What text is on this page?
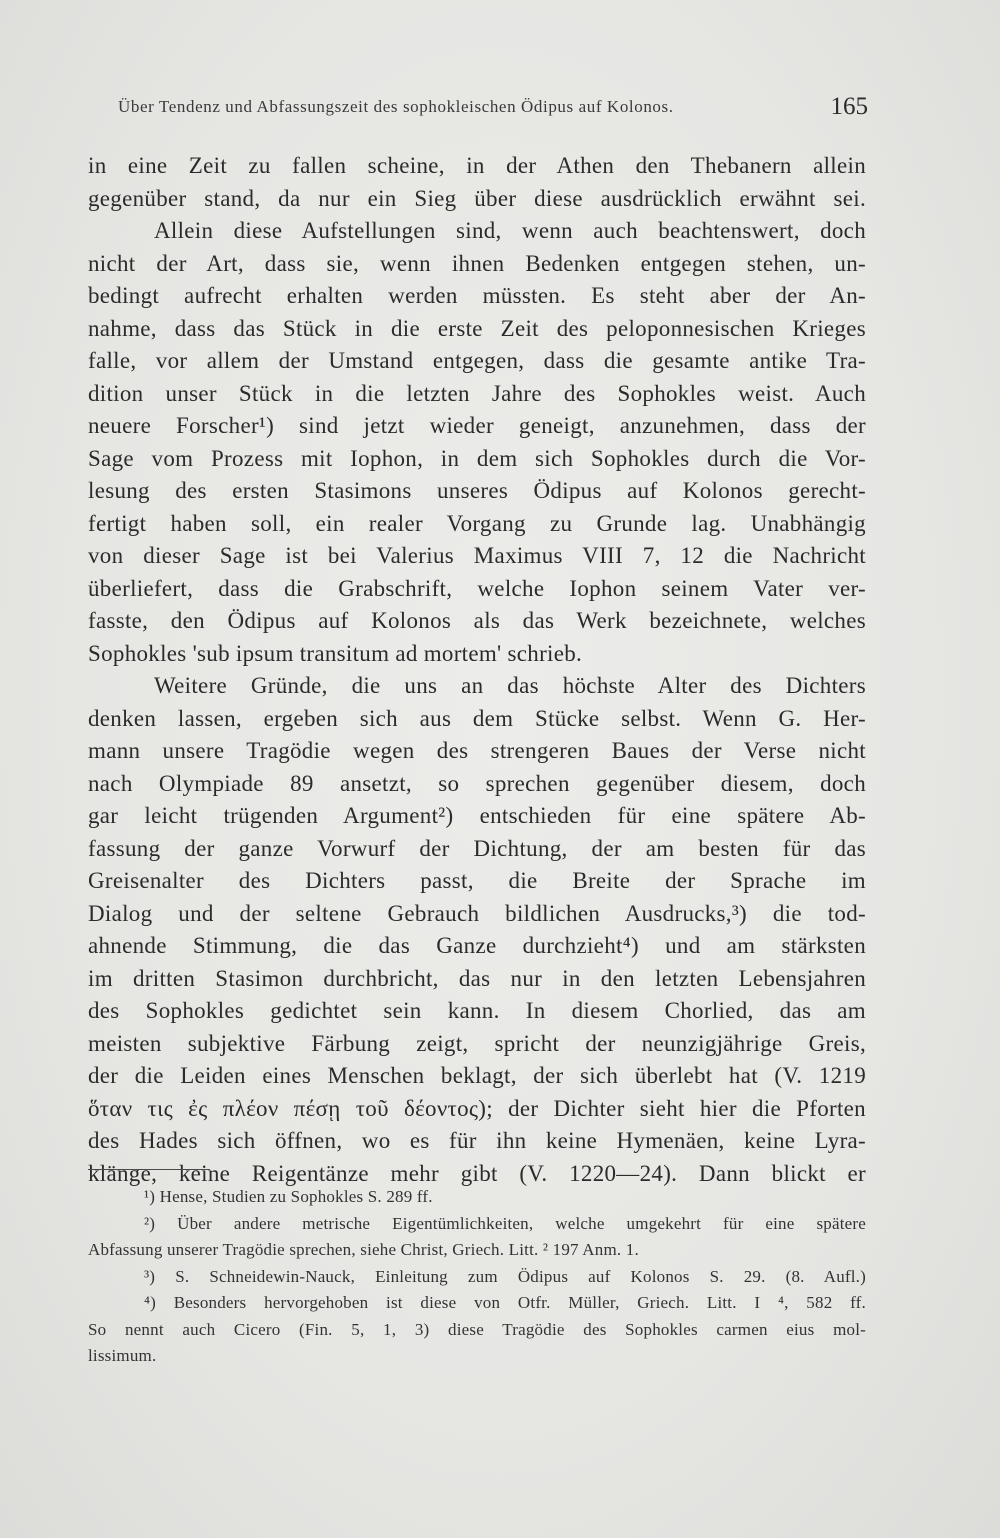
Über Tendenz und Abfassungszeit des sophokleischen Ödipus auf Kolonos.	165
in eine Zeit zu fallen scheine, in der Athen den Thebanern allein
gegenüber stand, da nur ein Sieg über diese ausdrücklich erwähnt sei.
Allein diese Aufstellungen sind, wenn auch beachtenswert, doch
nicht der Art, dass sie, wenn ihnen Bedenken entgegen stehen, un-
bedingt aufrecht erhalten werden müssten. Es steht aber der An-
nahme, dass das Stück in die erste Zeit des peloponnesischen Krieges
falle, vor allem der Umstand entgegen, dass die gesamte antike Tra-
dition unser Stück in die letzten Jahre des Sophokles weist. Auch
neuere Forscher¹) sind jetzt wieder geneigt, anzunehmen, dass der
Sage vom Prozess mit Iophon, in dem sich Sophokles durch die Vor-
lesung des ersten Stasimons unseres Ödipus auf Kolonos gerecht-
fertigt haben soll, ein realer Vorgang zu Grunde lag. Unabhängig
von dieser Sage ist bei Valerius Maximus VIII 7, 12 die Nachricht
überliefert, dass die Grabschrift, welche Iophon seinem Vater ver-
fasste, den Ödipus auf Kolonos als das Werk bezeichnete, welches
Sophokles 'sub ipsum transitum ad mortem' schrieb.
Weitere Gründe, die uns an das höchste Alter des Dichters
denken lassen, ergeben sich aus dem Stücke selbst. Wenn G. Her-
mann unsere Tragödie wegen des strengeren Baues der Verse nicht
nach Olympiade 89 ansetzt, so sprechen gegenüber diesem, doch
gar leicht trügenden Argument²) entschieden für eine spätere Ab-
fassung der ganze Vorwurf der Dichtung, der am besten für das
Greisenalter des Dichters passt, die Breite der Sprache im
Dialog und der seltene Gebrauch bildlichen Ausdrucks,³) die tod-
ahnende Stimmung, die das Ganze durchzieht⁴) und am stärksten
im dritten Stasimon durchbricht, das nur in den letzten Lebensjahren
des Sophokles gedichtet sein kann. In diesem Chorlied, das am
meisten subjektive Färbung zeigt, spricht der neunzigjährige Greis,
der die Leiden eines Menschen beklagt, der sich überlebt hat (V. 1219
ὅταν τις ἐς πλέον πέσῃ τοῦ δέοντος); der Dichter sieht hier die Pforten
des Hades sich öffnen, wo es für ihn keine Hymenäen, keine Lyra-
klänge, keine Reigentänze mehr gibt (V. 1220—24). Dann blickt er
¹) Hense, Studien zu Sophokles S. 289 ff.
²) Über andere metrische Eigentümlichkeiten, welche umgekehrt für eine spätere
Abfassung unserer Tragödie sprechen, siehe Christ, Griech. Litt. ² 197 Anm. 1.
³) S. Schneidewin-Nauck, Einleitung zum Ödipus auf Kolonos S. 29. (8. Aufl.)
⁴) Besonders hervorgehoben ist diese von Otfr. Müller, Griech. Litt. I ⁴, 582 ff.
So nennt auch Cicero (Fin. 5, 1, 3) diese Tragödie des Sophokles carmen eius mol-
lissimum.
